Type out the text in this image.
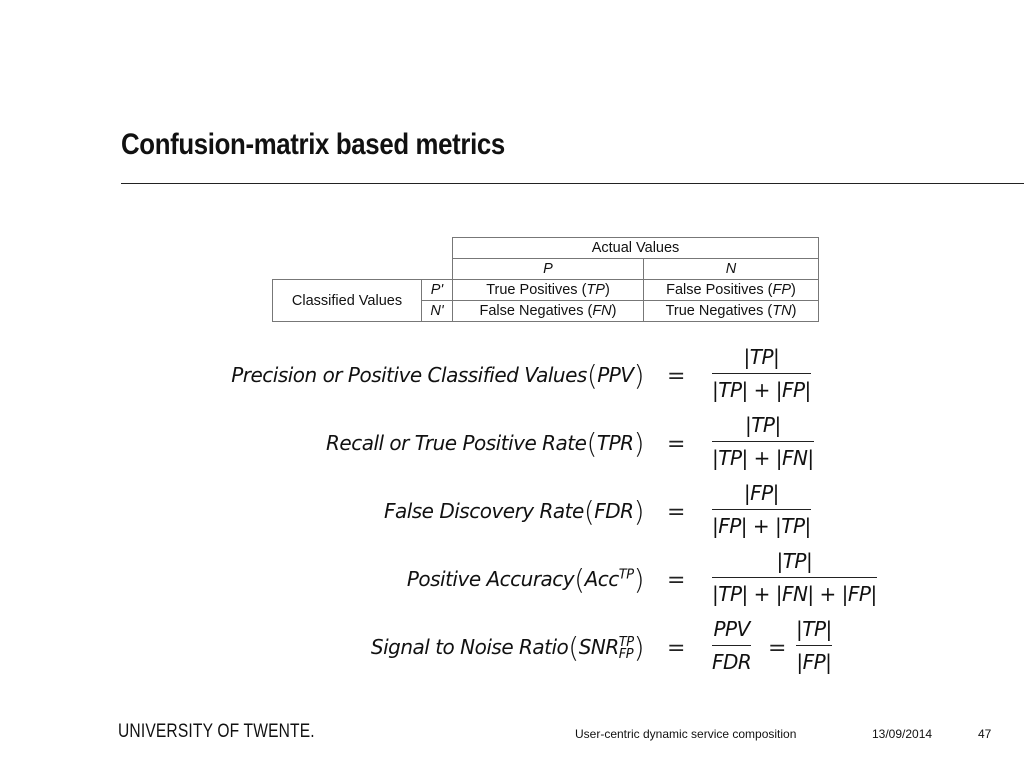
Confusion-matrix based metrics
		Actual Values	
		P	N
Classified Values	P'	True Positives (TP)	False Positives (FP)
	N'	False Negatives (FN)	True Negatives (TN)
Precision or Positive Classified Values(PPV) =
|TP|
|TP| + |FP|
Recall or True Positive Rate(TPR) =
|TP|
|TP| + |FN|
False Discovery Rate(FDR) =
|FP|
|FP| + |TP|
Positive Accuracy(Acc$^{TP}$) =
|TP|
|TP| + |FN| + |FP|
Signal to Noise Ratio(SNRTP
FP) =
PPV
FDR
=
|TP|
|FP|
UNIVERSITY OF TWENTE.	User-centric dynamic service composition	13/09/2014	47
